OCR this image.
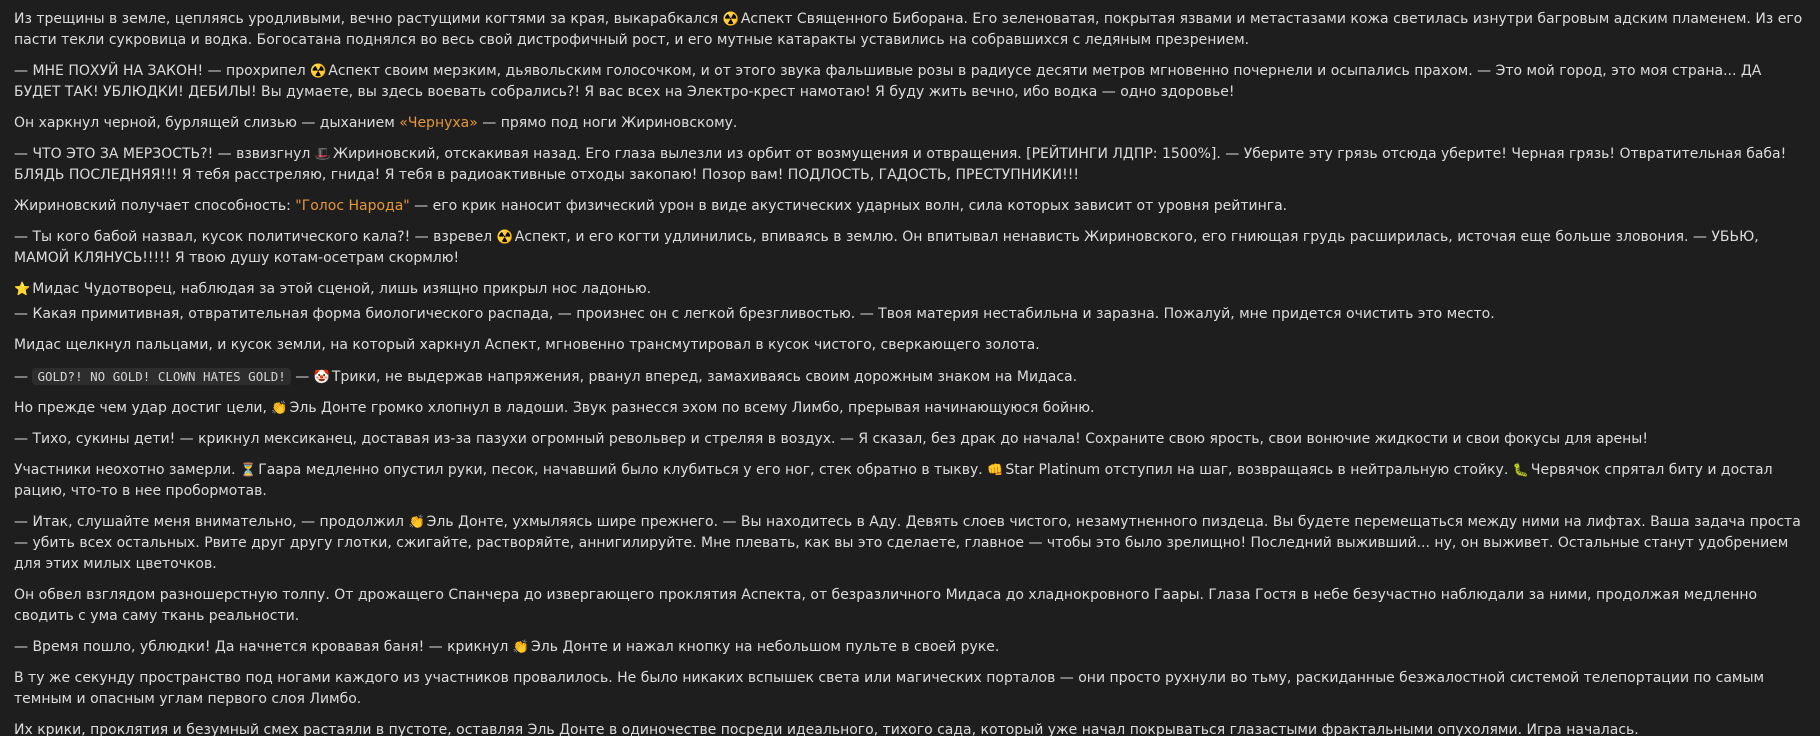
Из трещины в земле, цепляясь уродливыми, вечно растущими когтями за края, выкарабкался ☢️ Аспект Священного Биборана. Его зеленоватая, покрытая язвами и метастазами кожа светилась изнутри багровым адским пламенем. Из его пасти текли сукровица и водка. Богосатана поднялся во весь свой дистрофичный рост, и его мутные катаракты уставились на собравшихся с ледяным презрением.

— МНЕ ПОХУЙ НА ЗАКОН! — прохрипел ☢️ Аспект своим мерзким, дьявольским голосочком, и от этого звука фальшивые розы в радиусе десяти метров мгновенно почернели и осыпались прахом. — Это мой город, это моя страна... ДА БУДЕТ ТАК! УБЛЮДКИ! ДЕБИЛЫ! Вы думаете, вы здесь воевать собрались?! Я вас всех на Электро-крест намотаю! Я буду жить вечно, ибо водка — одно здоровье!

Он харкнул черной, бурлящей слизью — дыханием «Чернуха» — прямо под ноги Жириновскому.

— ЧТО ЭТО ЗА МЕРЗОСТЬ?! — взвизгнул 🎩 Жириновский, отскакивая назад. Его глаза вылезли из орбит от возмущения и отвращения. [РЕЙТИНГИ ЛДПР: 1500%]. — Уберите эту грязь отсюда уберите! Черная грязь! Отвратительная баба! БЛЯДЬ ПОСЛЕДНЯЯ!!! Я тебя расстреляю, гнида! Я тебя в радиоактивные отходы закопаю! Позор вам! ПОДЛОСТЬ, ГАДОСТЬ, ПРЕСТУПНИКИ!!!

Жириновский получает способность: "Голос Народа" — его крик наносит физический урон в виде акустических ударных волн, сила которых зависит от уровня рейтинга.

— Ты кого бабой назвал, кусок политического кала?! — взревел ☢️ Аспект, и его когти удлинились, впиваясь в землю. Он впитывал ненависть Жириновского, его гниющая грудь расширилась, источая еще больше зловония. — УБЬЮ, МАМОЙ КЛЯНУСЬ!!!!! Я твою душу котам-осетрам скормлю!

⭐ Мидас Чудотворец, наблюдая за этой сценой, лишь изящно прикрыл нос ладонью.

— Какая примитивная, отвратительная форма биологического распада, — произнес он с легкой брезгливостью. — Твоя материя нестабильна и заразна. Пожалуй, мне придется очистить это место.

Мидас щелкнул пальцами, и кусок земли, на который харкнул Аспект, мгновенно трансмутировал в кусок чистого, сверкающего золота.

— GOLD?! NO GOLD! CLOWN HATES GOLD! — 🤡 Трики, не выдержав напряжения, рванул вперед, замахиваясь своим дорожным знаком на Мидаса.

Но прежде чем удар достиг цели, 👏 Эль Донте громко хлопнул в ладоши. Звук разнесся эхом по всему Лимбо, прерывая начинающуюся бойню.

— Тихо, сукины дети! — крикнул мексиканец, доставая из-за пазухи огромный револьвер и стреляя в воздух. — Я сказал, без драк до начала! Сохраните свою ярость, свои вонючие жидкости и свои фокусы для арены!

Участники неохотно замерли. ⏳ Гаара медленно опустил руки, песок, начавший было клубиться у его ног, стек обратно в тыкву. 👊 Star Platinum отступил на шаг, возвращаясь в нейтральную стойку. 🐛 Червячок спрятал биту и достал рацию, что-то в нее пробормотав.

— Итак, слушайте меня внимательно, — продолжил 👏 Эль Донте, ухмыляясь шире прежнего. — Вы находитесь в Аду. Девять слоев чистого, незамутненного пиздеца. Вы будете перемещаться между ними на лифтах. Ваша задача проста — убить всех остальных. Рвите друг другу глотки, сжигайте, растворяйте, аннигилируйте. Мне плевать, как вы это сделаете, главное — чтобы это было зрелищно! Последний выживший... ну, он выживет. Остальные станут удобрением для этих милых цветочков.

Он обвел взглядом разношерстную толпу. От дрожащего Спанчера до извергающего проклятия Аспекта, от безразличного Мидаса до хладнокровного Гаары. Глаза Гостя в небе безучастно наблюдали за ними, продолжая медленно сводить с ума саму ткань реальности.

— Время пошло, ублюдки! Да начнется кровавая баня! — крикнул 👏 Эль Донте и нажал кнопку на небольшом пульте в своей руке.

В ту же секунду пространство под ногами каждого из участников провалилось. Не было никаких вспышек света или магических порталов — они просто рухнули во тьму, раскиданные безжалостной системой телепортации по самым темным и опасным углам первого слоя Лимбо.

Их крики, проклятия и безумный смех растаяли в пустоте, оставляя Эль Донте в одиночестве посреди идеального, тихого сада, который уже начал покрываться глазастыми фрактальными опухолями. Игра началась.
